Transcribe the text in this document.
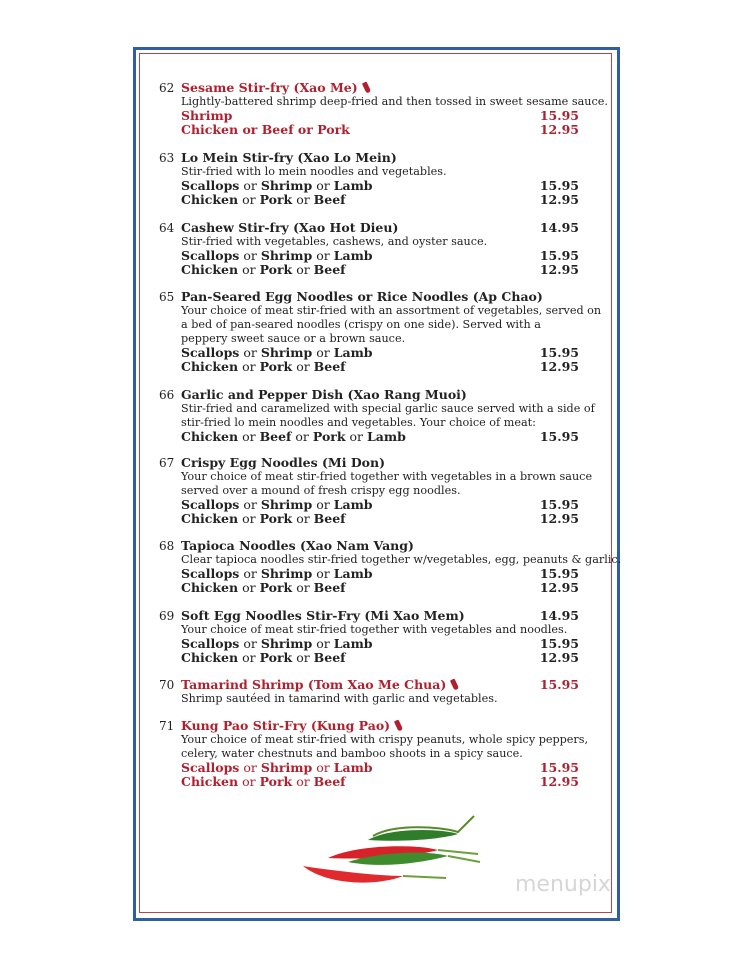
62 Sesame Stir-fry (Xao Me)
Lightly-battered shrimp deep-fried and then tossed in sweet sesame sauce.
Shrimp	15.95
Chicken or Beef or Pork	12.95
63 Lo Mein Stir-fry (Xao Lo Mein)
Stir-fried with lo mein noodles and vegetables.
Scallops or Shrimp or Lamb	15.95
Chicken or Pork or Beef	12.95
64 Cashew Stir-fry (Xao Hot Dieu)	14.95
Stir-fried with vegetables, cashews, and oyster sauce.
Scallops or Shrimp or Lamb	15.95
Chicken or Pork or Beef	12.95
65 Pan-Seared Egg Noodles or Rice Noodles (Ap Chao)
Your choice of meat stir-fried with an assortment of vegetables, served on
a bed of pan-seared noodles (crispy on one side). Served with a
peppery sweet sauce or a brown sauce.
Scallops or Shrimp or Lamb	15.95
Chicken or Pork or Beef	12.95
66 Garlic and Pepper Dish (Xao Rang Muoi)
Stir-fried and caramelized with special garlic sauce served with a side of
stir-fried lo mein noodles and vegetables. Your choice of meat:
Chicken or Beef or Pork or Lamb	15.95
67 Crispy Egg Noodles (Mi Don)
Your choice of meat stir-fried together with vegetables in a brown sauce
served over a mound of fresh crispy egg noodles.
Scallops or Shrimp or Lamb	15.95
Chicken or Pork or Beef	12.95
68 Tapioca Noodles (Xao Nam Vang)
Clear tapioca noodles stir-fried together w/vegetables, egg, peanuts & garlic.
Scallops or Shrimp or Lamb	15.95
Chicken or Pork or Beef	12.95
69 Soft Egg Noodles Stir-Fry (Mi Xao Mem)	14.95
Your choice of meat stir-fried together with vegetables and noodles.
Scallops or Shrimp or Lamb	15.95
Chicken or Pork or Beef	12.95
70 Tamarind Shrimp (Tom Xao Me Chua)	15.95
Shrimp sautéed in tamarind with garlic and vegetables.
71 Kung Pao Stir-Fry (Kung Pao)
Your choice of meat stir-fried with crispy peanuts, whole spicy peppers,
celery, water chestnuts and bamboo shoots in a spicy sauce.
Scallops or Shrimp or Lamb	15.95
Chicken or Pork or Beef	12.95
menupix
